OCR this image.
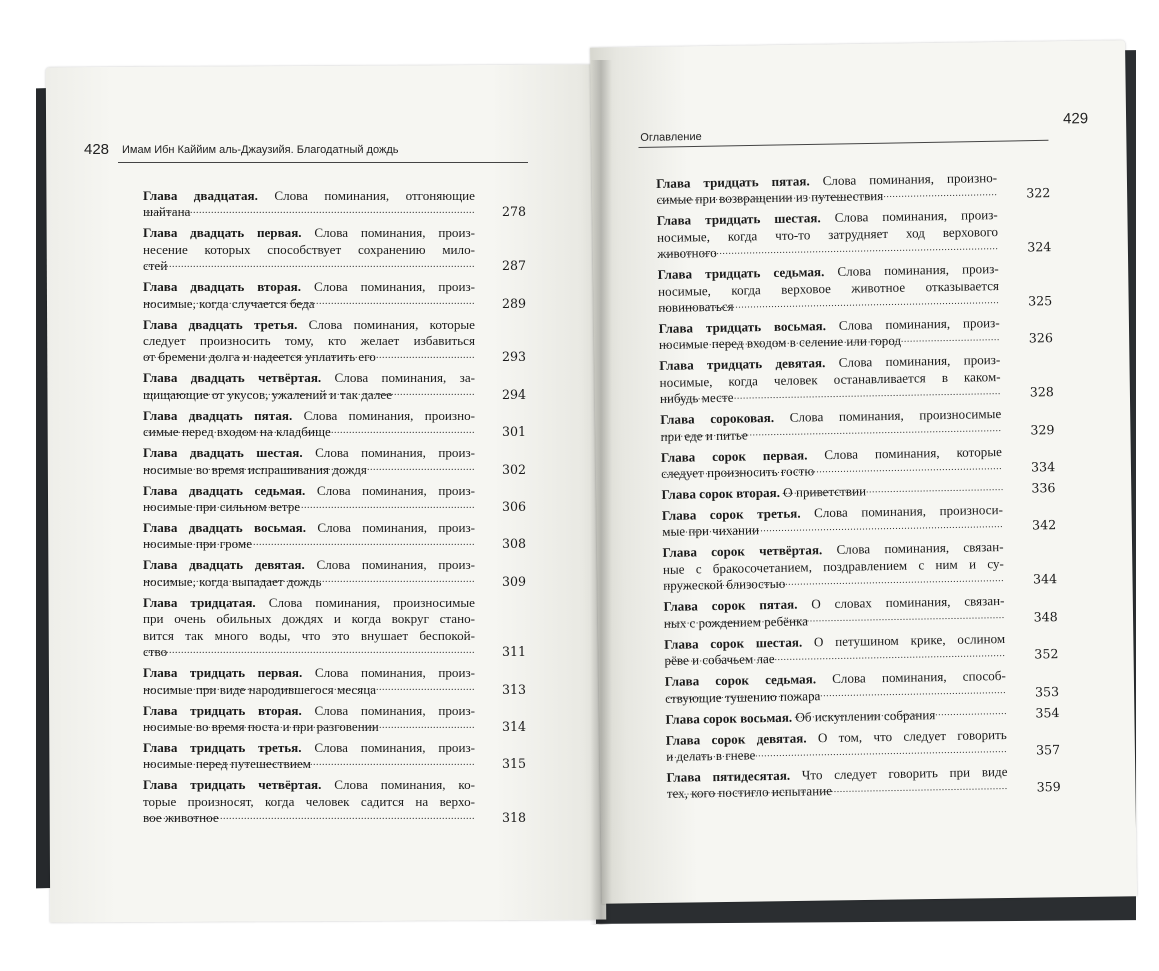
428 Имам Ибн Каййим аль-Джаузийя. Благодатный дождь
Оглавление
429
Глава двадцатая. Слова поминания, отгоняющие
шайтана .....	278
Глава двадцать первая. Слова поминания, произ-
несение которых способствует сохранению мило-
стей .....	287
Глава двадцать вторая. Слова поминания, произ-
носимые, когда случается беда .....	289
Глава двадцать третья. Слова поминания, которые
следует произносить тому, кто желает избавиться
от бремени долга и надеется уплатить его .....	293
Глава двадцать четвёртая. Слова поминания, за-
щищающие от укусов, ужалений и так далее .....	294
Глава двадцать пятая. Слова поминания, произно-
симые перед входом на кладбище .....	301
Глава двадцать шестая. Слова поминания, произ-
носимые во время испрашивания дождя .....	302
Глава двадцать седьмая. Слова поминания, произ-
носимые при сильном ветре .....	306
Глава двадцать восьмая. Слова поминания, произ-
носимые при громе .....	308
Глава двадцать девятая. Слова поминания, произ-
носимые, когда выпадает дождь .....	309
Глава тридцатая. Слова поминания, произносимые
при очень обильных дождях и когда вокруг стано-
вится так много воды, что это внушает беспокой-
ство .....	311
Глава тридцать первая. Слова поминания, произ-
носимые при виде народившегося месяца .....	313
Глава тридцать вторая. Слова поминания, произ-
носимые во время поста и при разговении .....	314
Глава тридцать третья. Слова поминания, произ-
носимые перед путешествием .....	315
Глава тридцать четвёртая. Слова поминания, ко-
торые произносят, когда человек садится на верхо-
вое животное .....	318
Глава тридцать пятая. Слова поминания, произно-
симые при возвращении из путешествия .....	322
Глава тридцать шестая. Слова поминания, произ-
носимые, когда что-то затрудняет ход верхового
животного .....	324
Глава тридцать седьмая. Слова поминания, произ-
носимые, когда верховое животное отказывается
повиноваться .....	325
Глава тридцать восьмая. Слова поминания, произ-
носимые перед входом в селение или город .....	326
Глава тридцать девятая. Слова поминания, произ-
носимые, когда человек останавливается в каком-
нибудь месте .....	328
Глава сороковая. Слова поминания, произносимые
при еде и питье .....	329
Глава сорок первая. Слова поминания, которые
следует произносить гостю .....	334
Глава сорок вторая. О приветствии .....	336
Глава сорок третья. Слова поминания, произноси-
мые при чихании .....	342
Глава сорок четвёртая. Слова поминания, связан-
ные с бракосочетанием, поздравлением с ним и су-
пружеской близостью .....	344
Глава сорок пятая. О словах поминания, связан-
ных с рождением ребёнка .....	348
Глава сорок шестая. О петушином крике, ослином
рёве и собачьем лае .....	352
Глава сорок седьмая. Слова поминания, способ-
ствующие тушению пожара .....	353
Глава сорок восьмая. Об искуплении собрания .....	354
Глава сорок девятая. О том, что следует говорить
и делать в гневе .....	357
Глава пятидесятая. Что следует говорить при виде
тех, кого постигло испытание .....	359
